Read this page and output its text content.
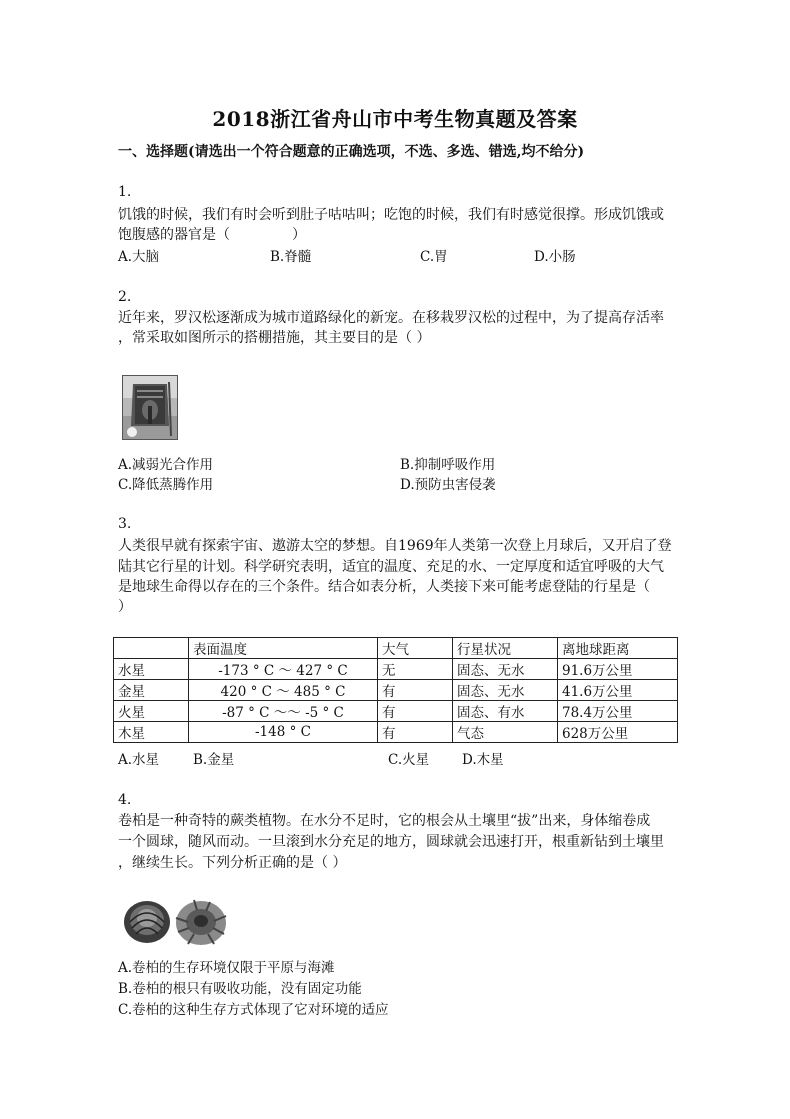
2018浙江省舟山市中考生物真题及答案
一、选择题(请选出一个符合题意的正确选项，不选、多选、错选,均不给分)
1.
饥饿的时候，我们有时会听到肚子咕咕叫；吃饱的时候，我们有时感觉很撑。形成饥饿或
饱腹感的器官是（	）
A.大脑	B.脊髓	C.胃	D.小肠
2.
近年来，罗汉松逐渐成为城市道路绿化的新宠。在移栽罗汉松的过程中，为了提高存活率
，常采取如图所示的搭棚措施，其主要目的是（ ）
A.减弱光合作用	B.抑制呼吸作用
C.降低蒸腾作用	D.预防虫害侵袭
3.
人类很早就有探索宇宙、遨游太空的梦想。自1969年人类第一次登上月球后，又开启了登
陆其它行星的计划。科学研究表明，适宜的温度、充足的水、一定厚度和适宜呼吸的大气
是地球生命得以存在的三个条件。结合如表分析，人类接下来可能考虑登陆的行星是（
）
	表面温度	大气	行星状况	离地球距离
水星	-173 ° C ～ 427 ° C	无	固态、无水	91.6万公里
金星	420 ° C ～ 485 ° C	有	固态、无水	41.6万公里
火星	-87 ° C ～～ -5 ° C	有	固态、有水	78.4万公里
木星	-148 ° C	有	气态	628万公里
A.水星	B.金星	C.火星 D.木星
4.
卷柏是一种奇特的蕨类植物。在水分不足时，它的根会从土壤里“拔”出来，身体缩卷成
一个圆球，随风而动。一旦滚到水分充足的地方，圆球就会迅速打开，根重新钻到土壤里
，继续生长。下列分析正确的是（ ）
A.卷柏的生存环境仅限于平原与海滩
B.卷柏的根只有吸收功能，没有固定功能
C.卷柏的这种生存方式体现了它对环境的适应
